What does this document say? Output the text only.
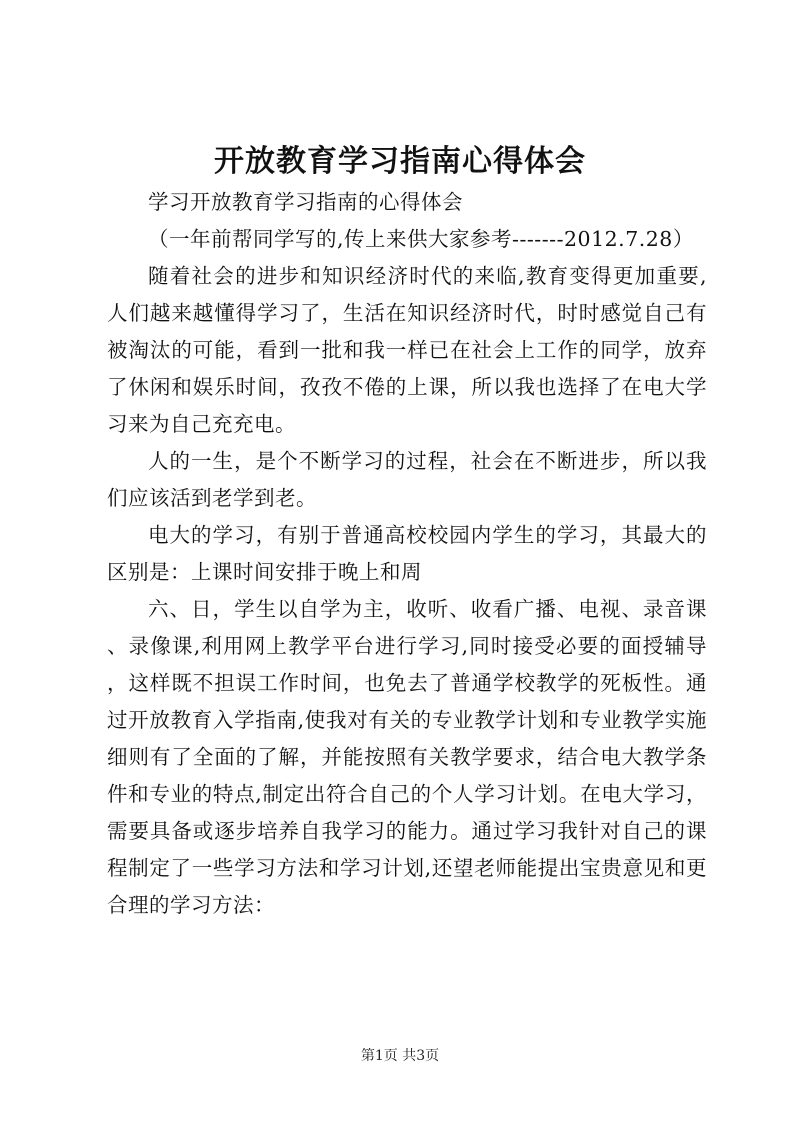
开放教育学习指南心得体会

学习开放教育学习指南的心得体会

（一年前帮同学写的,传上来供大家参考-------2012.7.28）

随着社会的进步和知识经济时代的来临,教育变得更加重要,人们越来越懂得学习了，生活在知识经济时代，时时感觉自己有被淘汰的可能，看到一批和我一样已在社会上工作的同学，放弃了休闲和娱乐时间，孜孜不倦的上课，所以我也选择了在电大学习来为自己充充电。

人的一生，是个不断学习的过程，社会在不断进步，所以我们应该活到老学到老。

电大的学习，有别于普通高校校园内学生的学习，其最大的区别是：上课时间安排于晚上和周

六、日，学生以自学为主，收听、收看广播、电视、录音课、录像课,利用网上教学平台进行学习,同时接受必要的面授辅导，这样既不担误工作时间，也免去了普通学校教学的死板性。通过开放教育入学指南,使我对有关的专业教学计划和专业教学实施细则有了全面的了解，并能按照有关教学要求，结合电大教学条件和专业的特点,制定出符合自己的个人学习计划。在电大学习，需要具备或逐步培养自我学习的能力。通过学习我针对自己的课程制定了一些学习方法和学习计划,还望老师能提出宝贵意见和更合理的学习方法：

第1页 共3页
